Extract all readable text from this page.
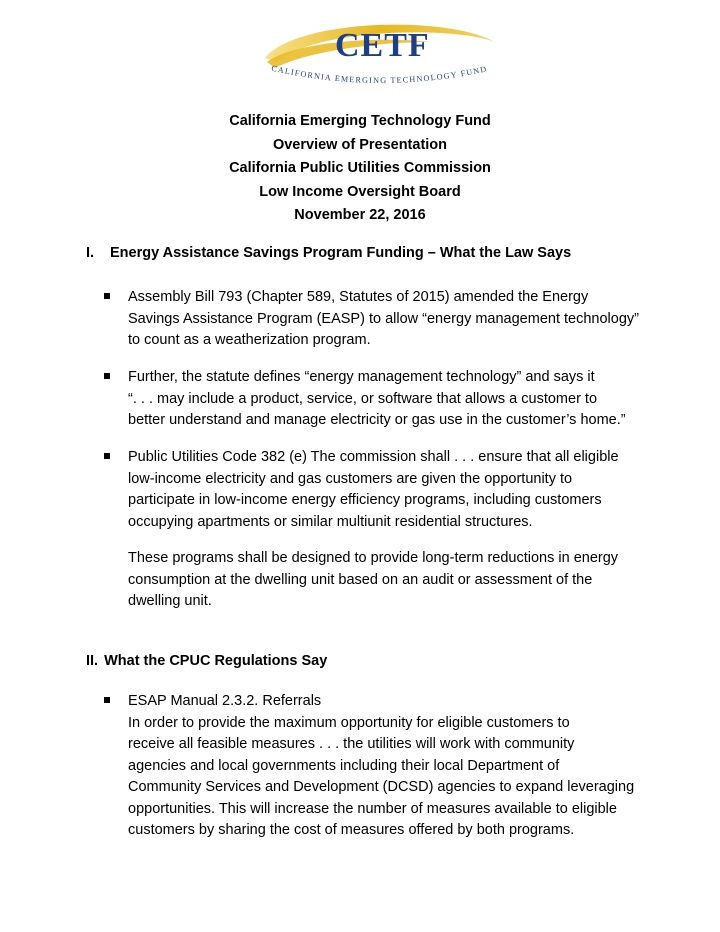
CETF
CALIFORNIA EMERGING TECHNOLOGY FUND
California Emerging Technology Fund
Overview of Presentation
California Public Utilities Commission
Low Income Oversight Board
November 22, 2016
I. Energy Assistance Savings Program Funding – What the Law Says
Assembly Bill 793 (Chapter 589, Statutes of 2015) amended the Energy
Savings Assistance Program (EASP) to allow “energy management technology”
to count as a weatherization program.
Further, the statute defines “energy management technology” and says it
“. . . may include a product, service, or software that allows a customer to
better understand and manage electricity or gas use in the customer’s home.”
Public Utilities Code 382 (e) The commission shall . . . ensure that all eligible
low-income electricity and gas customers are given the opportunity to
participate in low-income energy efficiency programs, including customers
occupying apartments or similar multiunit residential structures.
These programs shall be designed to provide long-term reductions in energy
consumption at the dwelling unit based on an audit or assessment of the
dwelling unit.
II. What the CPUC Regulations Say
ESAP Manual 2.3.2. Referrals
In order to provide the maximum opportunity for eligible customers to
receive all feasible measures . . . the utilities will work with community
agencies and local governments including their local Department of
Community Services and Development (DCSD) agencies to expand leveraging
opportunities. This will increase the number of measures available to eligible
customers by sharing the cost of measures offered by both programs.
